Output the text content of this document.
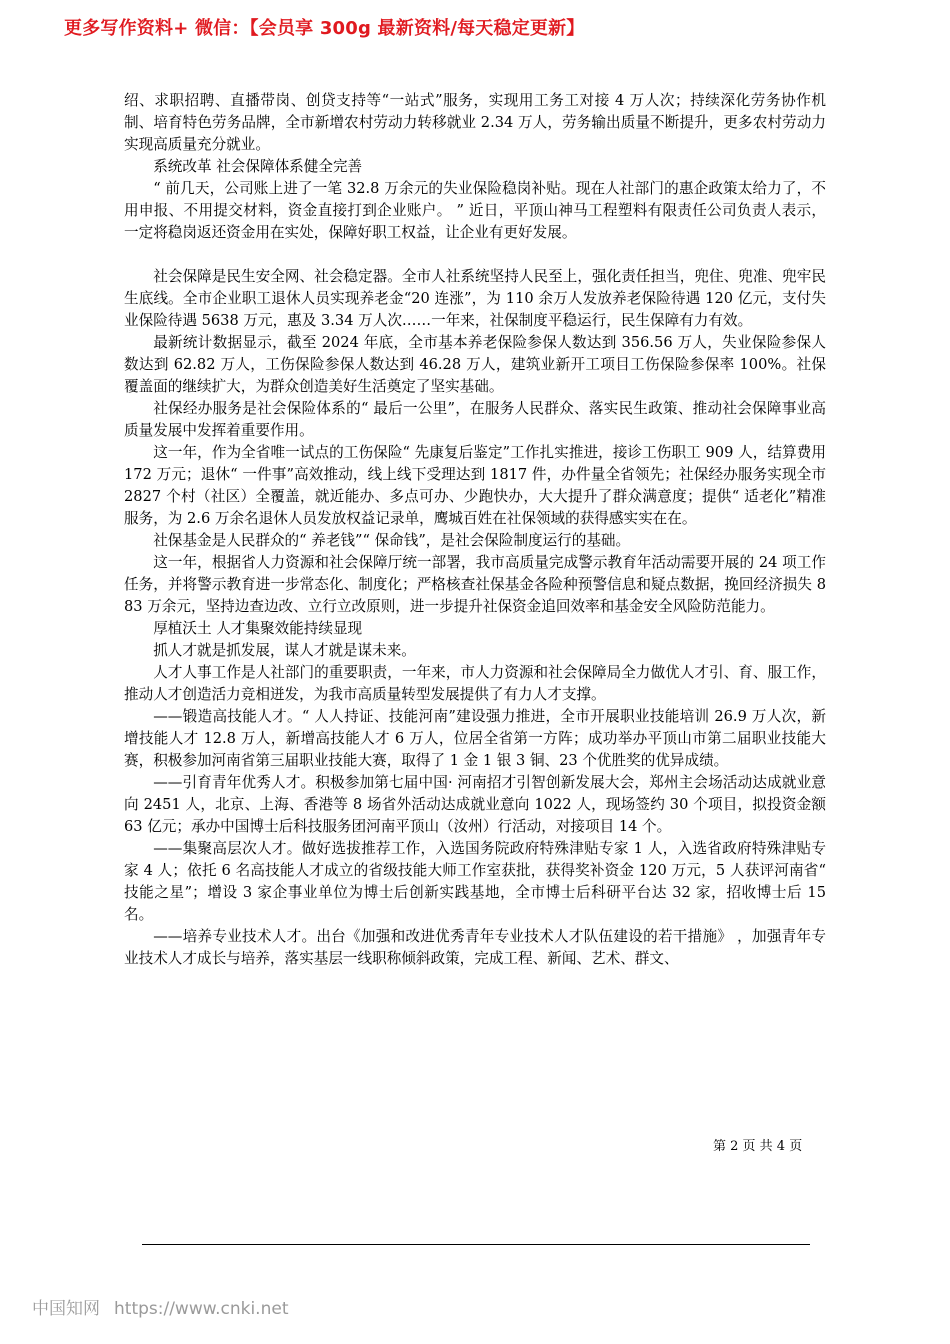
更多写作资料+ 微信：【会员享 300g 最新资料/每天稳定更新】

绍、求职招聘、直播带岗、创贷支持等“一站式”服务，实现用工务工对接 4 万人次；持续深化劳务协作机制、培育特色劳务品牌，全市新增农村劳动力转移就业 2.34 万人，劳务输出质量不断提升，更多农村劳动力实现高质量充分就业。

系统改革 社会保障体系健全完善

“ 前几天，公司账上进了一笔 32.8 万余元的失业保险稳岗补贴。现在人社部门的惠企政策太给力了，不用申报、不用提交材料，资金直接打到企业账户。 ” 近日，平顶山神马工程塑料有限责任公司负责人表示，一定将稳岗返还资金用在实处，保障好职工权益，让企业有更好发展。

社会保障是民生安全网、社会稳定器。全市人社系统坚持人民至上，强化责任担当，兜住、兜准、兜牢民生底线。全市企业职工退休人员实现养老金“20 连涨”，为 110 余万人发放养老保险待遇 120 亿元，支付失业保险待遇 5638 万元，惠及 3.34 万人次……一年来，社保制度平稳运行，民生保障有力有效。

最新统计数据显示，截至 2024 年底，全市基本养老保险参保人数达到 356.56 万人，失业保险参保人数达到 62.82 万人，工伤保险参保人数达到 46.28 万人，建筑业新开工项目工伤保险参保率 100%。社保覆盖面的继续扩大，为群众创造美好生活奠定了坚实基础。

社保经办服务是社会保险体系的“ 最后一公里”，在服务人民群众、落实民生政策、推动社会保障事业高质量发展中发挥着重要作用。

这一年，作为全省唯一试点的工伤保险“ 先康复后鉴定”工作扎实推进，接诊工伤职工 909 人，结算费用 172 万元；退休“ 一件事”高效推动，线上线下受理达到 1817 件，办件量全省领先；社保经办服务实现全市 2827 个村（社区）全覆盖，就近能办、多点可办、少跑快办，大大提升了群众满意度；提供“ 适老化”精准服务，为 2.6 万余名退休人员发放权益记录单，鹰城百姓在社保领域的获得感实实在在。

社保基金是人民群众的“ 养老钱”“ 保命钱”，是社会保险制度运行的基础。

这一年，根据省人力资源和社会保障厅统一部署，我市高质量完成警示教育年活动需要开展的 24 项工作任务，并将警示教育进一步常态化、制度化；严格核查社保基金各险种预警信息和疑点数据，挽回经济损失 883 万余元，坚持边查边改、立行立改原则，进一步提升社保资金追回效率和基金安全风险防范能力。

厚植沃土 人才集聚效能持续显现

抓人才就是抓发展，谋人才就是谋未来。

人才人事工作是人社部门的重要职责，一年来，市人力资源和社会保障局全力做优人才引、育、服工作，推动人才创造活力竞相迸发，为我市高质量转型发展提供了有力人才支撑。

——锻造高技能人才。“ 人人持证、技能河南”建设强力推进，全市开展职业技能培训 26.9 万人次，新增技能人才 12.8 万人，新增高技能人才 6 万人，位居全省第一方阵；成功举办平顶山市第二届职业技能大赛，积极参加河南省第三届职业技能大赛，取得了 1 金 1 银 3 铜、23 个优胜奖的优异成绩。

——引育青年优秀人才。积极参加第七届中国· 河南招才引智创新发展大会，郑州主会场活动达成就业意向 2451 人，北京、上海、香港等 8 场省外活动达成就业意向 1022 人，现场签约 30 个项目，拟投资金额 63 亿元；承办中国博士后科技服务团河南平顶山（汝州）行活动，对接项目 14 个。

——集聚高层次人才。做好选拔推荐工作，入选国务院政府特殊津贴专家 1 人，入选省政府特殊津贴专家 4 人；依托 6 名高技能人才成立的省级技能大师工作室获批，获得奖补资金 120 万元，5 人获评河南省“ 技能之星”；增设 3 家企事业单位为博士后创新实践基地，全市博士后科研平台达 32 家，招收博士后 15 名。

——培养专业技术人才。出台《加强和改进优秀青年专业技术人才队伍建设的若干措施》 ，加强青年专业技术人才成长与培养，落实基层一线职称倾斜政策，完成工程、新闻、艺术、群文、

第 2 页 共 4 页
中国知网 https://www.cnki.net
